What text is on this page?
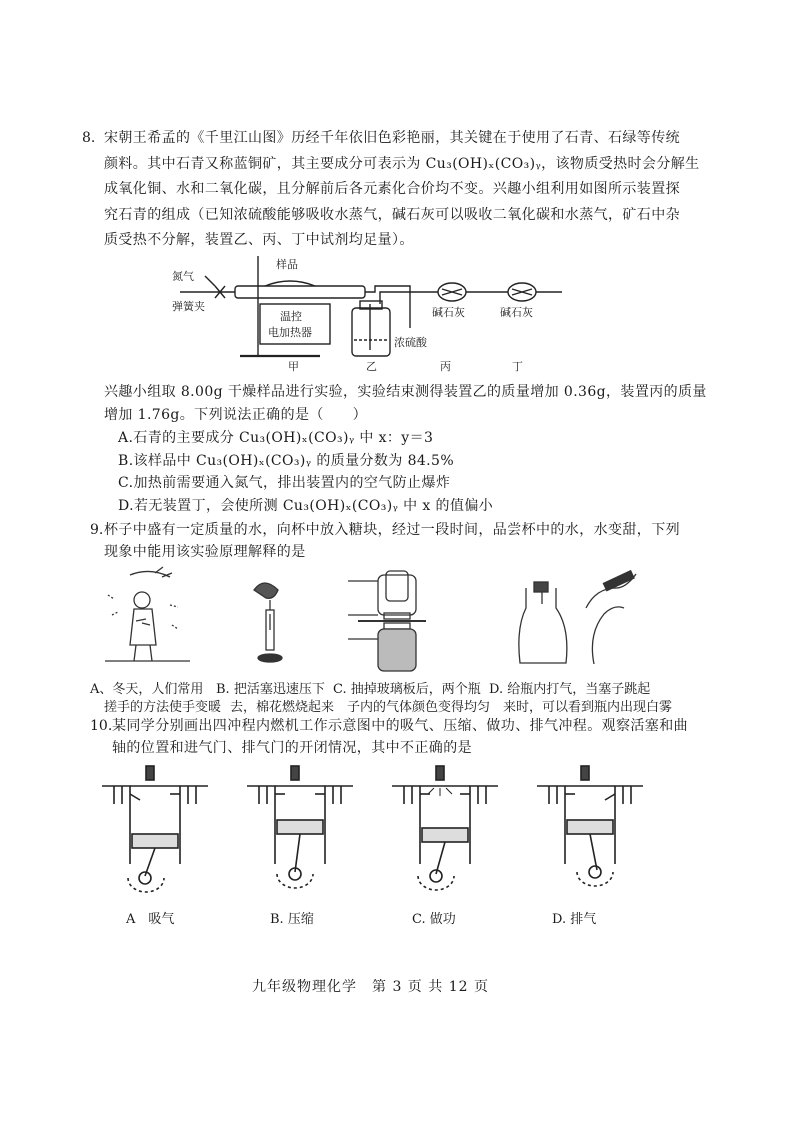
8. 宋朝王希孟的《千里江山图》历经千年依旧色彩艳丽，其关键在于使用了石青、石绿等传统
颜料。其中石青又称蓝铜矿，其主要成分可表示为 Cu₃(OH)ₓ(CO₃)ᵧ，该物质受热时会分解生
成氧化铜、水和二氧化碳，且分解前后各元素化合价均不变。兴趣小组利用如图所示装置探
究石青的组成（已知浓硫酸能够吸收水蒸气，碱石灰可以吸收二氧化碳和水蒸气，矿石中杂
质受热不分解，装置乙、丙、丁中试剂均足量）。
氮气
弹簧夹
样品
温控
电加热器
浓硫酸
碱石灰	碱石灰
甲	乙	丙	丁
兴趣小组取 8.00g 干燥样品进行实验，实验结束测得装置乙的质量增加 0.36g，装置丙的质量
增加 1.76g。下列说法正确的是（　　）
A.石青的主要成分 Cu₃(OH)ₓ(CO₃)ᵧ 中 x：y＝3
B.该样品中 Cu₃(OH)ₓ(CO₃)ᵧ 的质量分数为 84.5%
C.加热前需要通入氮气，排出装置内的空气防止爆炸
D.若无装置丁，会使所测 Cu₃(OH)ₓ(CO₃)ᵧ 中 x 的值偏小
9. 杯子中盛有一定质量的水，向杯中放入糖块，经过一段时间，品尝杯中的水，水变甜，下列
现象中能用该实验原理解释的是
A、冬天，人们常用
搓手的方法使手变暖
B. 把活塞迅速压下
去，棉花燃烧起来
C. 抽掉玻璃板后，两个瓶
子内的气体颜色变得均匀
D. 给瓶内打气，当塞子跳起
来时，可以看到瓶内出现白雾
10. 某同学分别画出四冲程内燃机工作示意图中的吸气、压缩、做功、排气冲程。观察活塞和曲
轴的位置和进气门、排气门的开闭情况，其中不正确的是
A　吸气	B. 压缩	C. 做功	D. 排气
九年级物理化学　第 3 页 共 12 页
